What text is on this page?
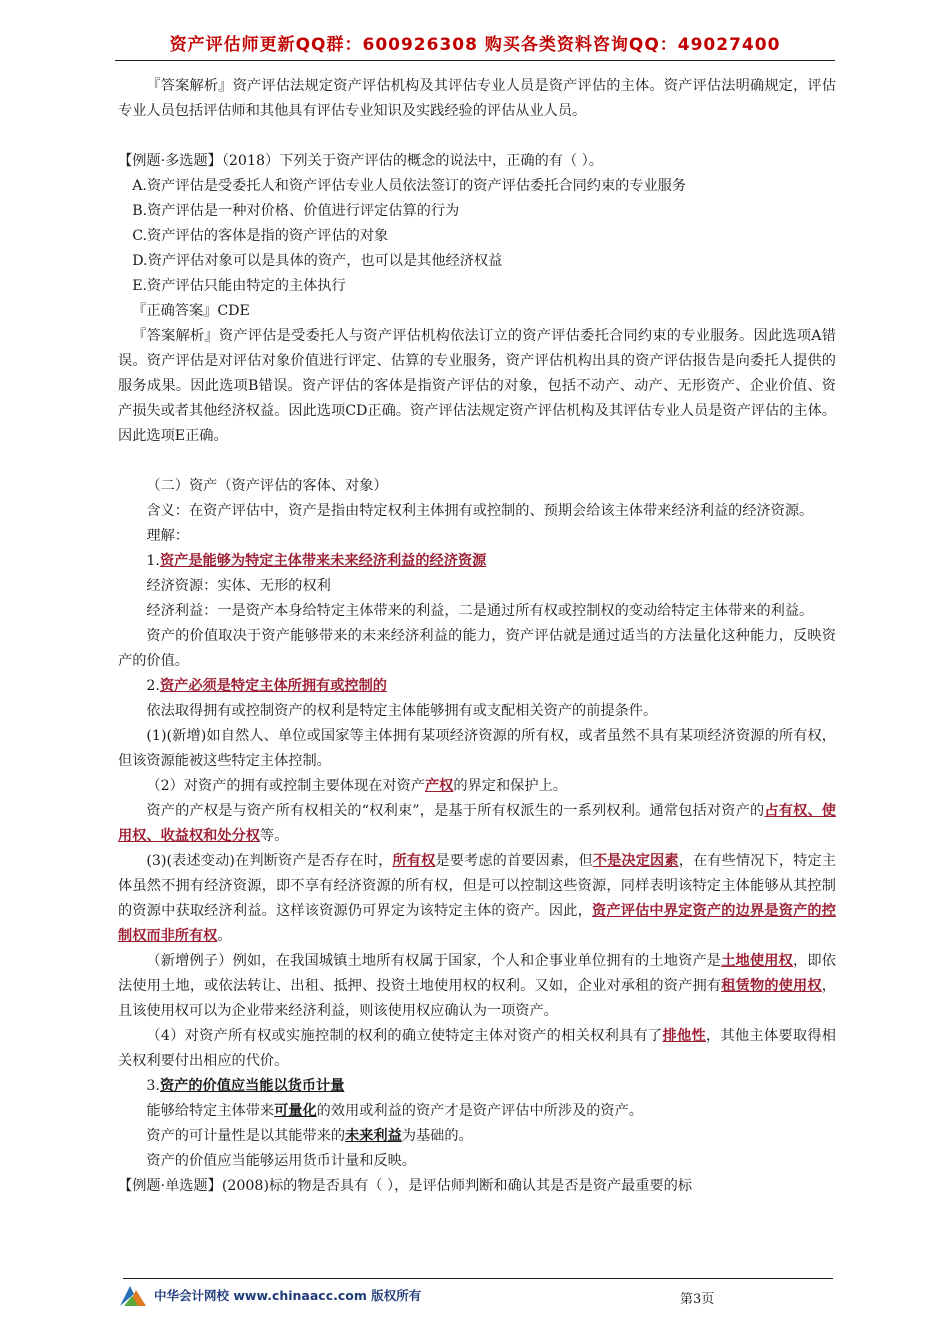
资产评估师更新QQ群：600926308 购买各类资料咨询QQ：49027400

『答案解析』资产评估法规定资产评估机构及其评估专业人员是资产评估的主体。资产评估法明确规定，评估专业人员包括评估师和其他具有评估专业知识及实践经验的评估从业人员。

【例题·多选题】（2018）下列关于资产评估的概念的说法中，正确的有（ ）。

A.资产评估是受委托人和资产评估专业人员依法签订的资产评估委托合同约束的专业服务

B.资产评估是一种对价格、价值进行评定估算的行为

C.资产评估的客体是指的资产评估的对象

D.资产评估对象可以是具体的资产，也可以是其他经济权益

E.资产评估只能由特定的主体执行

『正确答案』CDE

『答案解析』资产评估是受委托人与资产评估机构依法订立的资产评估委托合同约束的专业服务。因此选项A错误。资产评估是对评估对象价值进行评定、估算的专业服务，资产评估机构出具的资产评估报告是向委托人提供的服务成果。因此选项B错误。资产评估的客体是指资产评估的对象，包括不动产、动产、无形资产、企业价值、资产损失或者其他经济权益。因此选项CD正确。资产评估法规定资产评估机构及其评估专业人员是资产评估的主体。因此选项E正确。

（二）资产（资产评估的客体、对象）

含义：在资产评估中，资产是指由特定权利主体拥有或控制的、预期会给该主体带来经济利益的经济资源。

理解：

1.资产是能够为特定主体带来未来经济利益的经济资源

经济资源：实体、无形的权利

经济利益：一是资产本身给特定主体带来的利益，二是通过所有权或控制权的变动给特定主体带来的利益。

资产的价值取决于资产能够带来的未来经济利益的能力，资产评估就是通过适当的方法量化这种能力，反映资产的价值。

2.资产必须是特定主体所拥有或控制的

依法取得拥有或控制资产的权利是特定主体能够拥有或支配相关资产的前提条件。

(1)(新增)如自然人、单位或国家等主体拥有某项经济资源的所有权，或者虽然不具有某项经济资源的所有权，但该资源能被这些特定主体控制。

（2）对资产的拥有或控制主要体现在对资产产权的界定和保护上。

资产的产权是与资产所有权相关的“权利束”，是基于所有权派生的一系列权利。通常包括对资产的占有权、使用权、收益权和处分权等。

(3)(表述变动)在判断资产是否存在时，所有权是要考虑的首要因素，但不是决定因素，在有些情况下，特定主体虽然不拥有经济资源，即不享有经济资源的所有权，但是可以控制这些资源，同样表明该特定主体能够从其控制的资源中获取经济利益。这样该资源仍可界定为该特定主体的资产。因此，资产评估中界定资产的边界是资产的控制权而非所有权。

（新增例子）例如，在我国城镇土地所有权属于国家，个人和企事业单位拥有的土地资产是土地使用权，即依法使用土地，或依法转让、出租、抵押、投资土地使用权的权利。又如，企业对承租的资产拥有租赁物的使用权，且该使用权可以为企业带来经济利益，则该使用权应确认为一项资产。

（4）对资产所有权或实施控制的权利的确立使特定主体对资产的相关权利具有了排他性，其他主体要取得相关权利要付出相应的代价。

3.资产的价值应当能以货币计量

能够给特定主体带来可量化的效用或利益的资产才是资产评估中所涉及的资产。

资产的可计量性是以其能带来的未来利益为基础的。

资产的价值应当能够运用货币计量和反映。

【例题·单选题】(2008)标的物是否具有（ ），是评估师判断和确认其是否是资产最重要的标

中华会计网校 www.chinaacc.com 版权所有	第3页
